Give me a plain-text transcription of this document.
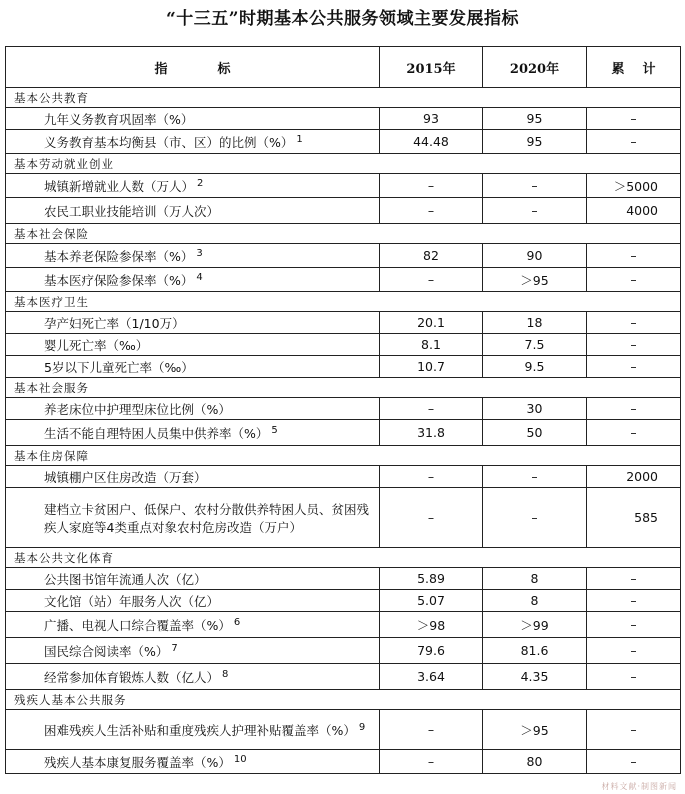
“十三五”时期基本公共服务领域主要发展指标
指标	2015年	2020年	累计
基本公共教育			
九年义务教育巩固率（%）	93	95	–
义务教育基本均衡县（市、区）的比例（%） $^1$	44.48	95	–
基本劳动就业创业			
城镇新增就业人数（万人） $^2$	–	–	＞5000
农民工职业技能培训（万人次）	–	–	4000
基本社会保险			
基本养老保险参保率（%） $^3$	82	90	–
基本医疗保险参保率（%） $^4$	–	＞95	–
基本医疗卫生			
孕产妇死亡率（1/10万）	20.1	18	–
婴儿死亡率（‰）	8.1	7.5	–
5岁以下儿童死亡率（‰）	10.7	9.5	–
基本社会服务			
养老床位中护理型床位比例（%）	–	30	–
生活不能自理特困人员集中供养率（%） $^5$	31.8	50	–
基本住房保障			
城镇棚户区住房改造（万套）	–	–	2000
建档立卡贫困户、低保户、农村分散供养特困人员、贫困残疾人家庭等4类重点对象农村危房改造（万户）	–	–	585
基本公共文化体育			
公共图书馆年流通人次（亿）	5.89	8	–
文化馆（站）年服务人次（亿）	5.07	8	–
广播、电视人口综合覆盖率（%） $^6$	＞98	＞99	–
国民综合阅读率（%） $^7$	79.6	81.6	–
经常参加体育锻炼人数（亿人） $^8$	3.64	4.35	–
残疾人基本公共服务			
困难残疾人生活补贴和重度残疾人护理补贴覆盖率（%） $^9$	–	＞95	–
残疾人基本康复服务覆盖率（%） $^{10}$	–	80	–
材料文献·制图新闻
